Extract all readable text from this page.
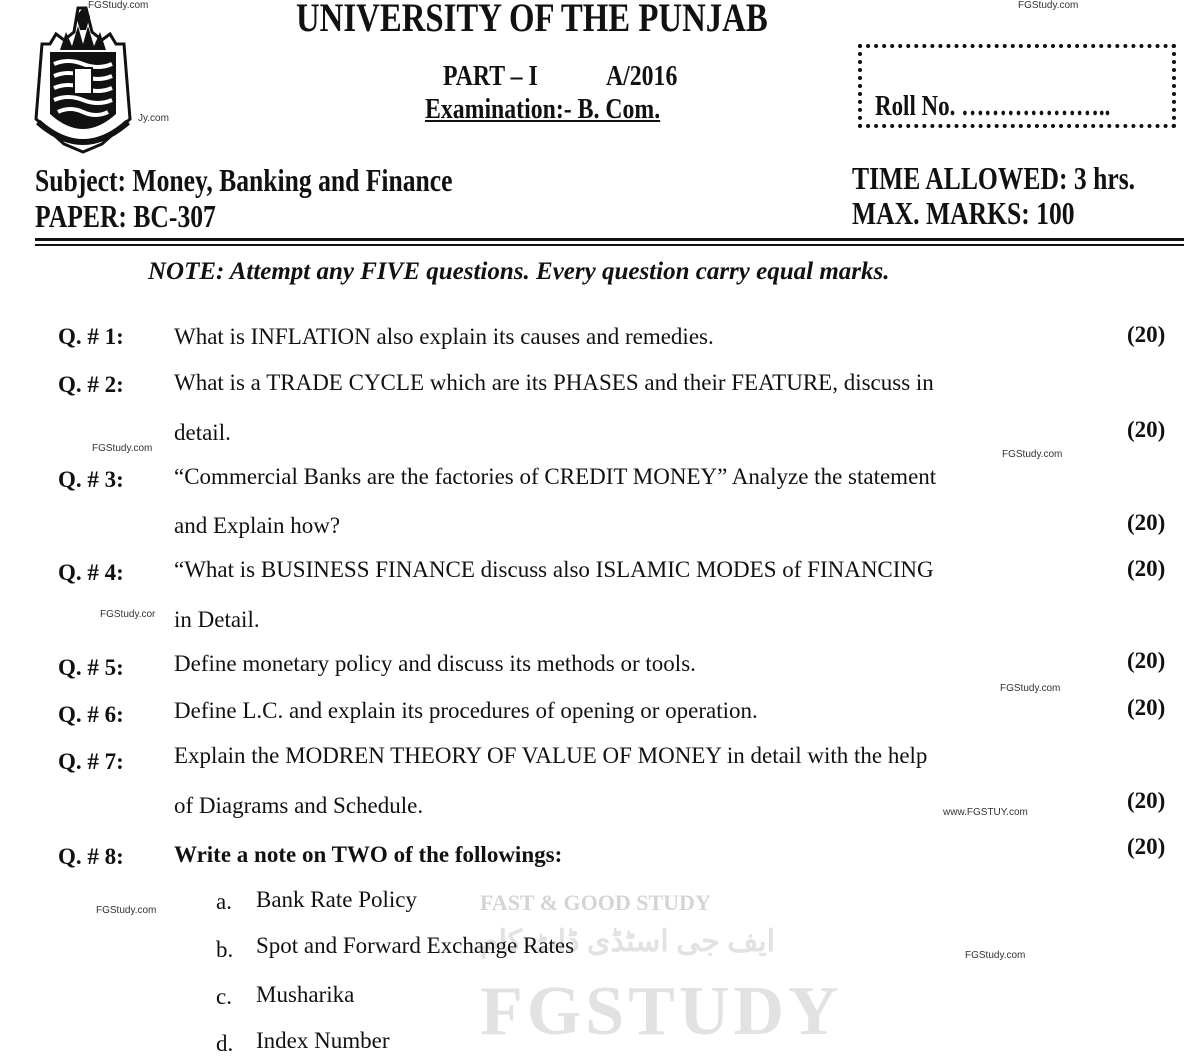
FAST & GOOD STUDY
ایف جی اسٹڈی ڈاٹ کام
FGSTUDY
FGStudy.com	FGStudy.com
Jy.com
FGStudy.com
FGStudy.com
FGStudy.cor
FGStudy.com
www.FGSTUY.com
FGStudy.com
FGStudy.com
UNIVERSITY OF THE PUNJAB
PART – I A/2016
Examination:- B. Com.	Roll No. ………………..
Subject: Money, Banking and Finance
PAPER: BC-307
TIME ALLOWED: 3 hrs.
MAX. MARKS: 100
NOTE: Attempt any FIVE questions. Every question carry equal marks.
Q. # 1: What is INFLATION also explain its causes and remedies.	(20)
Q. # 2: What is a TRADE CYCLE which are its PHASES and their FEATURE, discuss in
detail.	(20)
Q. # 3: “Commercial Banks are the factories of CREDIT MONEY” Analyze the statement
and Explain how?	(20)
Q. # 4: “What is BUSINESS FINANCE discuss also ISLAMIC MODES of FINANCING
in Detail.
(20)
Q. # 5: Define monetary policy and discuss its methods or tools.	(20)
Q. # 6: Define L.C. and explain its procedures of opening or operation.	(20)
Q. # 7: Explain the MODREN THEORY OF VALUE OF MONEY in detail with the help
of Diagrams and Schedule.	(20)
Q. # 8: Write a note on TWO of the followings:	(20)
a. Bank Rate Policy
b. Spot and Forward Exchange Rates
c. Musharika
d. Index Number
